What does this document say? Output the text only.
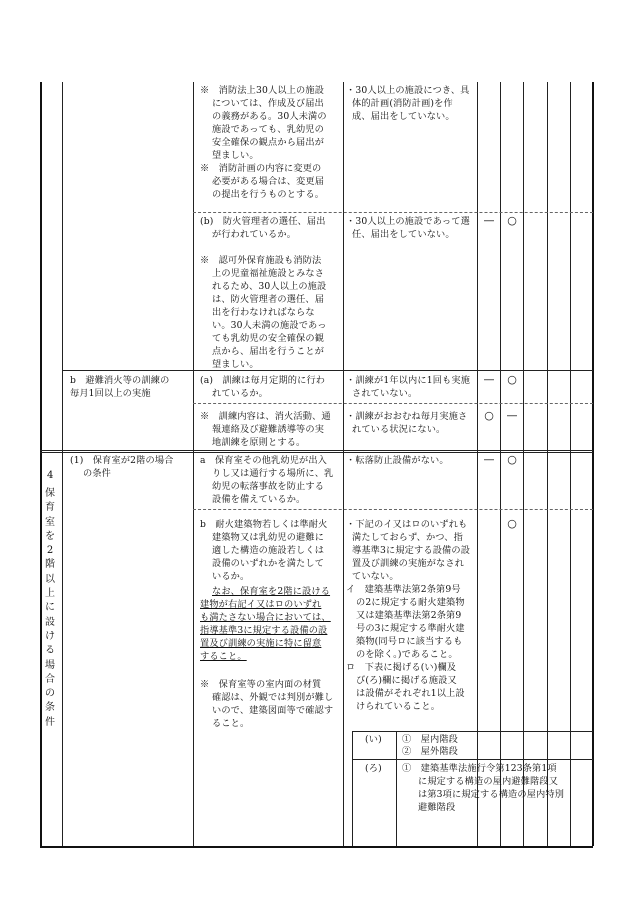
4
保育室を2階以上に設ける場合の条件
b　避難消火等の訓練の
毎月1回以上の実施
(1)　保育室が2階の場合
の条件
※　消防法上30人以上の施設
については、作成及び届出
の義務がある。30人未満の
施設であっても、乳幼児の
安全確保の観点から届出が
望ましい。
※　消防計画の内容に変更の
必要がある場合は、変更届
の提出を行うものとする。
・30人以上の施設につき、具
体的計画(消防計画)を作
成、届出をしていない。
(b)　防火管理者の選任、届出
が行われているか。
※　認可外保育施設も消防法
上の児童福祉施設とみなさ
れるため、30人以上の施設
は、防火管理者の選任、届
出を行わなければならな
い。30人未満の施設であっ
ても乳幼児の安全確保の観
点から、届出を行うことが
望ましい。
・30人以上の施設であって選
任、届出をしていない。
— ○
(a)　訓練は毎月定期的に行わ
れているか。
・訓練が1年以内に1回も実施
されていない。
— ○
※　訓練内容は、消火活動、通
報連絡及び避難誘導等の実
地訓練を原則とする。
・訓練がおおむね毎月実施さ
れている状況にない。
○ —
a　保育室その他乳幼児が出入
りし又は通行する場所に、乳
幼児の転落事故を防止する
設備を備えているか。
・転落防止設備がない。	— ○
b　耐火建築物若しくは準耐火
建築物又は乳幼児の避難に
適した構造の施設若しくは
設備のいずれかを満たして
いるか。
なお、保育室を2階に設ける
建物が右記イ又はロのいずれ
も満たさない場合においては、
指導基準3に規定する設備の設
置及び訓練の実施に特に留意
すること。
※　保育室等の室内面の材質
確認は、外観では判別が難し
いので、建築図面等で確認す
ること。
・下記のイ又はロのいずれも
満たしておらず、かつ、指
導基準3に規定する設備の設
置及び訓練の実施がなされ
ていない。
イ　建築基準法第2条第9号
の2に規定する耐火建築物
又は建築基準法第2条第9
号の3に規定する準耐火建
築物(同号ロに該当するも
のを除く。)であること。
ロ　下表に掲げる(い)欄及
び(ろ)欄に掲げる施設又
は設備がそれぞれ1以上設
けられていること。
○
(い) ①　屋内階段
②　屋外階段
(ろ) ①　建築基準法施行令第123条第1項
に規定する構造の屋内避難階段又
は第3項に規定する構造の屋内特別
避難階段
